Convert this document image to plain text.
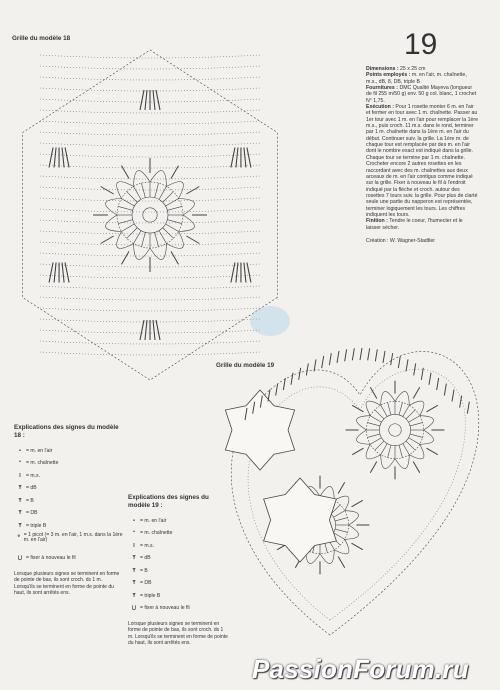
Grille du modèle 18	19
Dimensions : 25 x 25 cm
Points employés : m. en l'air, m. chaînette, m.s., dB, 8, DB, triple B
Fournitures : DMC Qualité Mayeva (longueur de fil 255 m/50 g) env. 50 g col. blanc, 1 crochet N° 1,75.
Exécution : Pour 1 rosette monter 6 m. en l'air et fermer en tour avec 1 m. chaînette. Passer au 1er tour avec 1 m. en l'air pour remplacer la 1ère m.s., puis croch. 11 m.s. dans le rond, terminer par 1 m. chaînette dans la 1ère m. en l'air du début. Continuer suiv. la grille. La 1ère m. de chaque tour est remplacée par des m. en l'air dont le nombre exact est indiqué dans la grille. Chaque tour se termine par 1 m. chaînette. Crocheter encore 2 autres rosettes en les raccordant avec des m. chaînettes aux deux arceaux de m. en l'air contigus comme indiqué sur la grille. Fixer à nouveau le fil à l'endroit indiqué par la flèche et croch. autour des rosettes 7 tours suiv. la grille. Pour plus de clarté seule une partie du napperon est représentée, terminer logiquement les tours. Les chiffres indiquent les tours.
Finition : Tendre le coeur, l'humecter et le laisser sécher.
Création : W. Wagner-Stadtler
Grille du modèle 19
Explications des signes du modèle 18 :
•	= m. en l'air
ᐤ = m. chaînette
I	= m.s.
Ŧ = dB
Ŧ = B
Ŧ = DB
Ŧ = triple B
ᵩ = 1 picot (= 3 m. en l'air, 1 m.s. dans la 1ère m. en l'air)
⋃ = fixer à nouveau le fil
Lorsque plusieurs signes se terminent en forme de pointe de bas, ils sont croch. ds 1 m. Lorsqu'ils se terminent en forme de pointe du haut, ils sont arrêtés ens.
Explications des signes du modèle 19 :
•	= m. en l'air
ᐤ = m. chaînette
I	= m.s.
Ŧ = dB
Ŧ = B
Ŧ = DB
Ŧ = triple B
⋃ = fixer à nouveau le fil
Lorsque plusieurs signes se terminent en forme de pointe de bas, ils sont croch. ds 1 m. Lorsqu'ils se terminent en forme de pointe du haut, ils sont arrêtés ens.
PassionForum.ru
